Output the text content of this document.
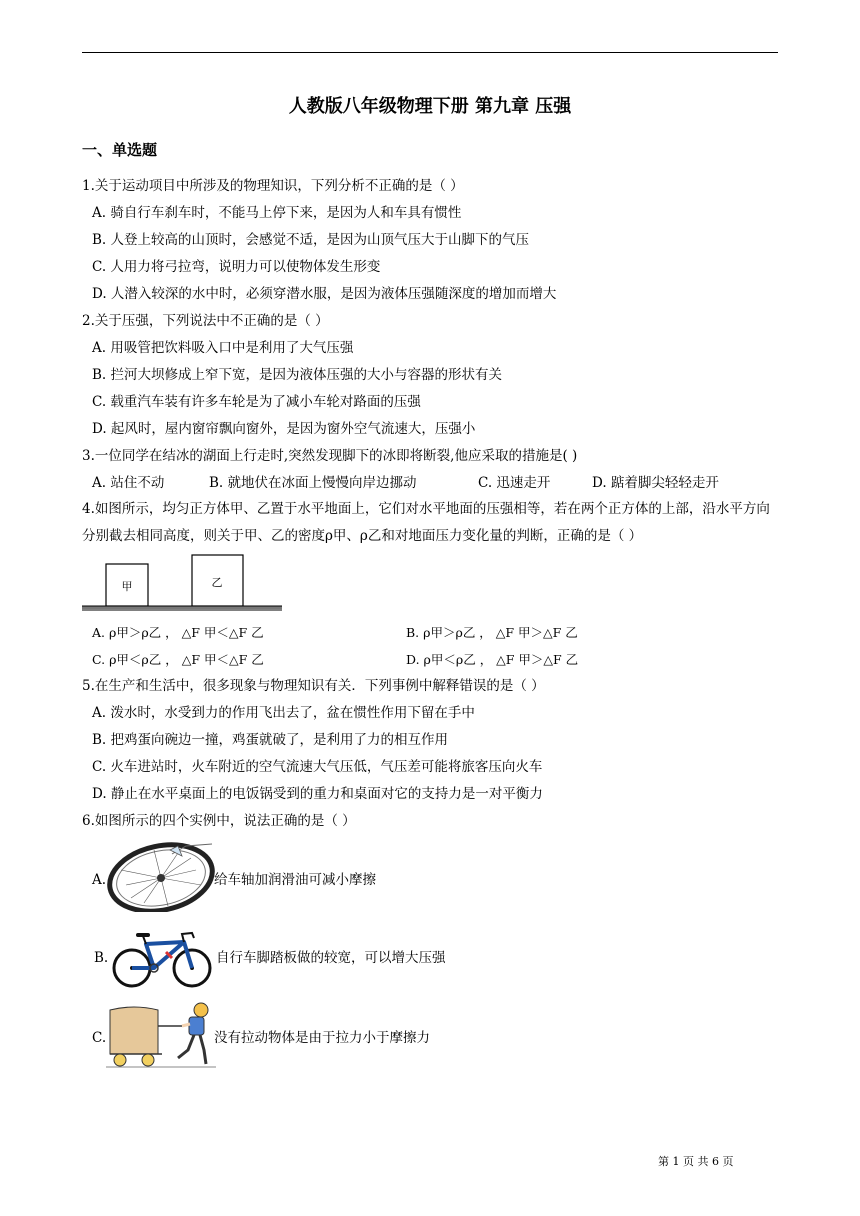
人教版八年级物理下册 第九章 压强
一、单选题
1.关于运动项目中所涉及的物理知识，下列分析不正确的是（ ）
A. 骑自行车刹车时，不能马上停下来，是因为人和车具有惯性
B. 人登上较高的山顶时，会感觉不适，是因为山顶气压大于山脚下的气压
C. 人用力将弓拉弯，说明力可以使物体发生形变
D. 人潜入较深的水中时，必须穿潜水服，是因为液体压强随深度的增加而增大
2.关于压强，下列说法中不正确的是（ ）
A. 用吸管把饮料吸入口中是利用了大气压强
B. 拦河大坝修成上窄下宽，是因为液体压强的大小与容器的形状有关
C. 载重汽车装有许多车轮是为了减小车轮对路面的压强
D. 起风时，屋内窗帘飘向窗外，是因为窗外空气流速大，压强小
3.一位同学在结冰的湖面上行走时,突然发现脚下的冰即将断裂,他应采取的措施是( )
A. 站住不动	B. 就地伏在冰面上慢慢向岸边挪动	C. 迅速走开	D. 踮着脚尖轻轻走开
4.如图所示，均匀正方体甲、乙置于水平地面上，它们对水平地面的压强相等，若在两个正方体的上部，沿水平方向分别截去相同高度，则关于甲、乙的密度ρ甲、ρ乙和对地面压力变化量的判断，正确的是（ ）
甲	乙
A. ρ甲＞ρ乙 ， △F 甲＜△F 乙	B. ρ甲＞ρ乙 ， △F 甲＞△F 乙
C. ρ甲＜ρ乙 ， △F 甲＜△F 乙	D. ρ甲＜ρ乙 ， △F 甲＞△F 乙
5.在生产和生活中，很多现象与物理知识有关．下列事例中解释错误的是（ ）
A. 泼水时，水受到力的作用飞出去了，盆在惯性作用下留在手中
B. 把鸡蛋向碗边一撞，鸡蛋就破了，是利用了力的相互作用
C. 火车进站时，火车附近的空气流速大气压低，气压差可能将旅客压向火车
D. 静止在水平桌面上的电饭锅受到的重力和桌面对它的支持力是一对平衡力
6.如图所示的四个实例中，说法正确的是（ ）
A.	给车轴加润滑油可减小摩擦
B.	自行车脚踏板做的较宽，可以增大压强
C.	没有拉动物体是由于拉力小于摩擦力
第 1 页 共 6 页
